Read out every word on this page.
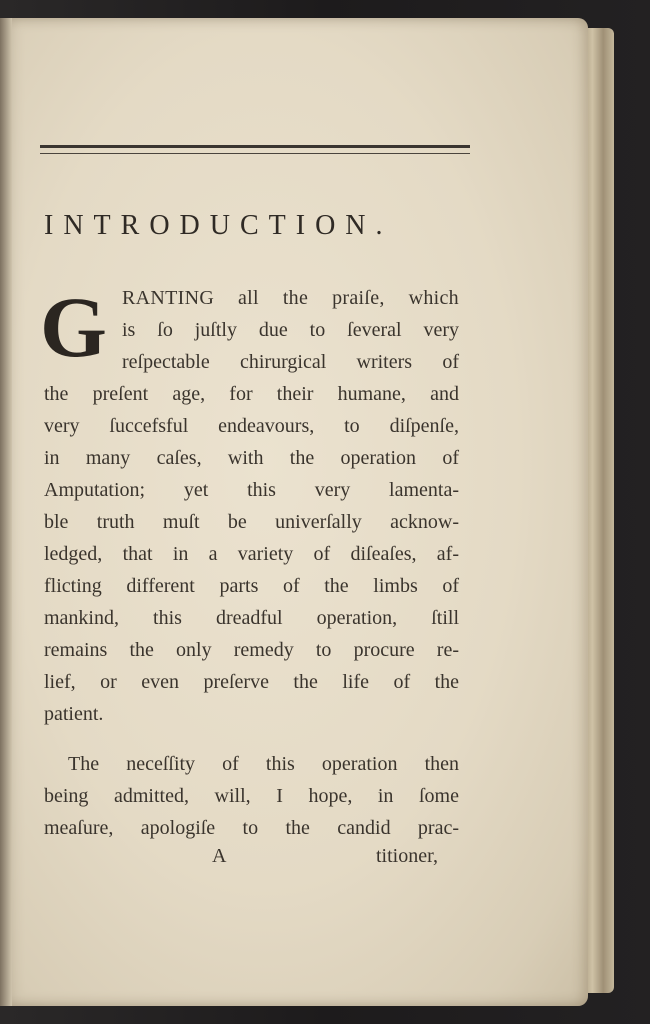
INTRODUCTION.
G RANTING all the praiſe, which
is ſo juſtly due to ſeveral very
reſpectable chirurgical writers of
the preſent age, for their humane, and
very ſuccefsful endeavours, to diſpenſe,
in many caſes, with the operation of
Amputation; yet this very lamenta-
ble truth muſt be univerſally acknow-
ledged, that in a variety of diſeaſes, af-
flicting different parts of the limbs of
mankind, this dreadful operation, ſtill
remains the only remedy to procure re-
lief, or even preſerve the life of the
patient.
The neceſſity of this operation then
being admitted, will, I hope, in ſome
meaſure, apologiſe to the candid prac-
A	titioner,
